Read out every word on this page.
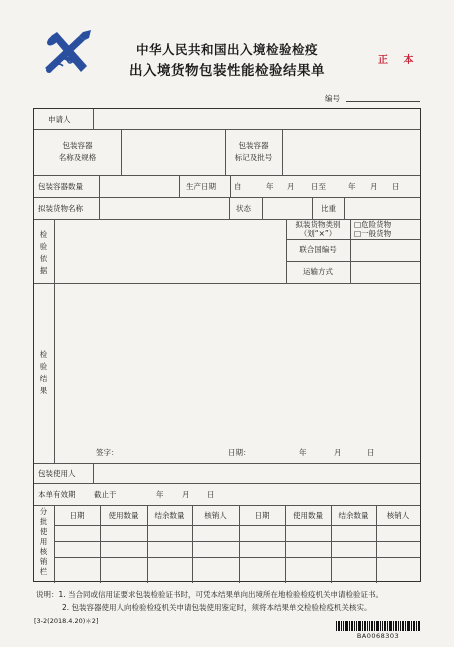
中华人民共和国出入境检验检疫
出入境货物包装性能检验结果单
正 本
编号
申请人
包装容器
名称及规格
包装容器
标记及批号
包装容器数量	生产日期 自	年 月 日至	年 月 日
拟装货物名称	状态	比重
检验依据
拟装货物类别
（划“×”）
□危险货物
□一般货物
联合国编号
运输方式
检验结果
签字：	日期：	年	月	日
包装使用人
本单有效期 截止于	年 月 日
分批使用核销栏
日期	使用数量	结余数量	核销人	日期	使用数量	结余数量	核销人
说明：1. 当合同或信用证要求包装检验证书时，可凭本结果单向出境所在地检验检疫机关申请检验证书。
2. 包装容器使用人向检验检疫机关申请包装使用鉴定时，须将本结果单交检验检疫机关核实。
[3-2(2018.4.20)＊2]
BA0068303
